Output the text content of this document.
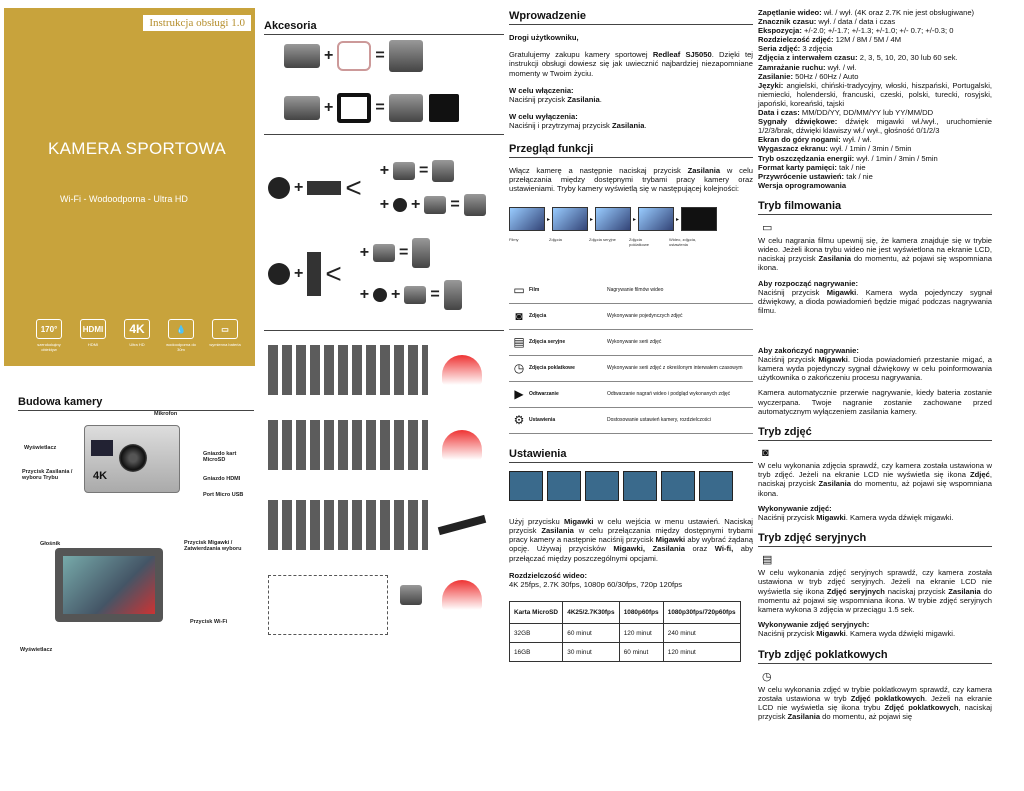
Instrukcja obsługi 1.0
KAMERA SPORTOWA
Wi-Fi - Wodoodporna - Ultra HD
170°
szerokokątny obiektyw
HDMI
HDMI
4K
Ultra HD
💧
wodoodporna do 30m
▭
wymienna bateria
Budowa kamery
Mikrofon
Wyświetlacz
Przycisk Zasilania / wyboru Trybu
Gniazdo kart MicroSD
Gniazdo HDMI
Port Micro USB
4K
Głośnik	Przycisk Migawki / Zatwierdzania wyboru
Przycisk Wi-Fi
Wyświetlacz
Akcesoria
+	=
+	=
+ <
+ =
+ + =
+ <
+ =
+ + =
Wprowadzenie
Drogi użytkowniku,
Gratulujemy zakupu kamery sportowej Redleaf SJ5050. Dzięki tej instrukcji obsługi dowiesz się jak uwiecznić najbardziej niezapomniane momenty w Twoim życiu.
W celu włączenia:
Naciśnij przycisk Zasilania.
W celu wyłączenia:
Naciśnij i przytrzymaj przycisk Zasilania.
Przegląd funkcji
Włącz kamerę a następnie naciskaj przycisk Zasilania w celu przełączania między dostępnymi trybami pracy kamery oraz ustawieniami. Tryby kamery wyświetlą się w następującej kolejności:
▸	▸	▸	▸
Filmy	Zdjęcia	Zdjęcia seryjne	Zdjęcia poklatkowe
Wideo, zdjęcia, ustawienia
▭	Film	Nagrywanie filmów wideo
◙	Zdjęcia	Wykonywanie pojedynczych zdjęć
▤	Zdjęcia seryjne	Wykonywanie serii zdjęć
◷	Zdjęcia poklatkowe	Wykonywanie serii zdjęć z określonym interwałem czasowym
▶	Odtwarzanie	Odtwarzanie nagrań wideo i podgląd wykonanych zdjęć
⚙	Ustawienia	Dostosowanie ustawień kamery, rozdzielczości
Ustawienia
Użyj przycisku Migawki w celu wejścia w menu ustawień. Naciskaj przycisk Zasilania w celu przełączania między dostępnymi trybami pracy kamery a następnie naciśnij przycisk Migawki aby wybrać żądaną opcję. Używaj przycisków Migawki, Zasilania oraz Wi-fi, aby przełączać między poszczególnymi opcjami.
Rozdzielczość wideo:
4K 25fps, 2.7K 30fps, 1080p 60/30fps, 720p 120fps
Karta MicroSD	4K25/2.7K30fps	1080p60fps	1080p30fps/720p60fps
32GB	60 minut	120 minut	240 minut
16GB	30 minut	60 minut	120 minut
Zapętlanie wideo: wł. / wył. (4K oraz 2.7K nie jest obsługiwane)
Znacznik czasu: wył. / data / data i czas
Ekspozycja: +/-2.0; +/-1.7; +/-1.3; +/-1.0; +/- 0.7; +/-0.3; 0
Rozdzielczość zdjęć: 12M / 8M / 5M / 4M
Seria zdjęć: 3 zdjęcia
Zdjęcia z interwałem czasu: 2, 3, 5, 10, 20, 30 lub 60 sek.
Zamrażanie ruchu: wył. / wł.
Zasilanie: 50Hz / 60Hz / Auto
Języki: angielski, chiński-tradycyjny, włoski, hiszpański, Portugalski, niemiecki, holenderski, francuski, czeski, polski, turecki, rosyjski, japoński, koreański, tajski
Data i czas: MM/DD/YY, DD/MM/YY lub YY/MM/DD
Sygnały dźwiękowe: dźwięk migawki wł./wył., uruchomienie 1/2/3/brak, dźwięki klawiszy wł./ wył., głośność 0/1/2/3
Ekran do góry nogami: wył. / wł.
Wygaszacz ekranu: wył. / 1min / 3min / 5min
Tryb oszczędzania energii: wył. / 1min / 3min / 5min
Format karty pamięci: tak / nie
Przywrócenie ustawień: tak / nie
Wersja oprogramowania
Tryb filmowania
▭
W celu nagrania filmu upewnij się, że kamera znajduje się w trybie wideo. Jeżeli ikona trybu wideo nie jest wyświetlona na ekranie LCD, naciskaj przycisk Zasilania do momentu, aż pojawi się wspomniana ikona.
Aby rozpocząć nagrywanie:
Naciśnij przycisk Migawki. Kamera wyda pojedynczy sygnał dźwiękowy, a dioda powiadomień będzie migać podczas nagrywania filmu.
Aby zakończyć nagrywanie:
Naciśnij przycisk Migawki. Dioda powiadomień przestanie migać, a kamera wyda pojedynczy sygnał dźwiękowy w celu poinformowania użytkownika o zakończeniu procesu nagrywania.
Kamera automatycznie przerwie nagrywanie, kiedy bateria zostanie wyczerpana. Twoje nagranie zostanie zachowane przed automatycznym wyłączeniem zasilania kamery.
Tryb zdjęć
◙
W celu wykonania zdjęcia sprawdź, czy kamera została ustawiona w tryb zdjęć. Jeżeli na ekranie LCD nie wyświetla się ikona Zdjęć, naciskaj przycisk Zasilania do momentu, aż pojawi się wspomniana ikona.
Wykonywanie zdjęć:
Naciśnij przycisk Migawki. Kamera wyda dźwięk migawki.
Tryb zdjęć seryjnych
▤
W celu wykonania zdjęć seryjnych sprawdź, czy kamera została ustawiona w tryb zdjęć seryjnych. Jeżeli na ekranie LCD nie wyświetla się ikona Zdjęć seryjnych naciskaj przycisk Zasilania do momentu aż pojawi się wspomniana ikona. W trybie zdjęć seryjnych kamera wykona 3 zdjęcia w przeciągu 1.5 sek.
Wykonywanie zdjęć seryjnych:
Naciśnij przycisk Migawki. Kamera wyda dźwięki migawki.
Tryb zdjęć poklatkowych
◷
W celu wykonania zdjęć w trybie poklatkowym sprawdź, czy kamera została ustawiona w tryb Zdjęć poklatkowych. Jeżeli na ekranie LCD nie wyświetla się ikona trybu Zdjęć poklatkowych, naciskaj przycisk Zasilania do momentu, aż pojawi się
